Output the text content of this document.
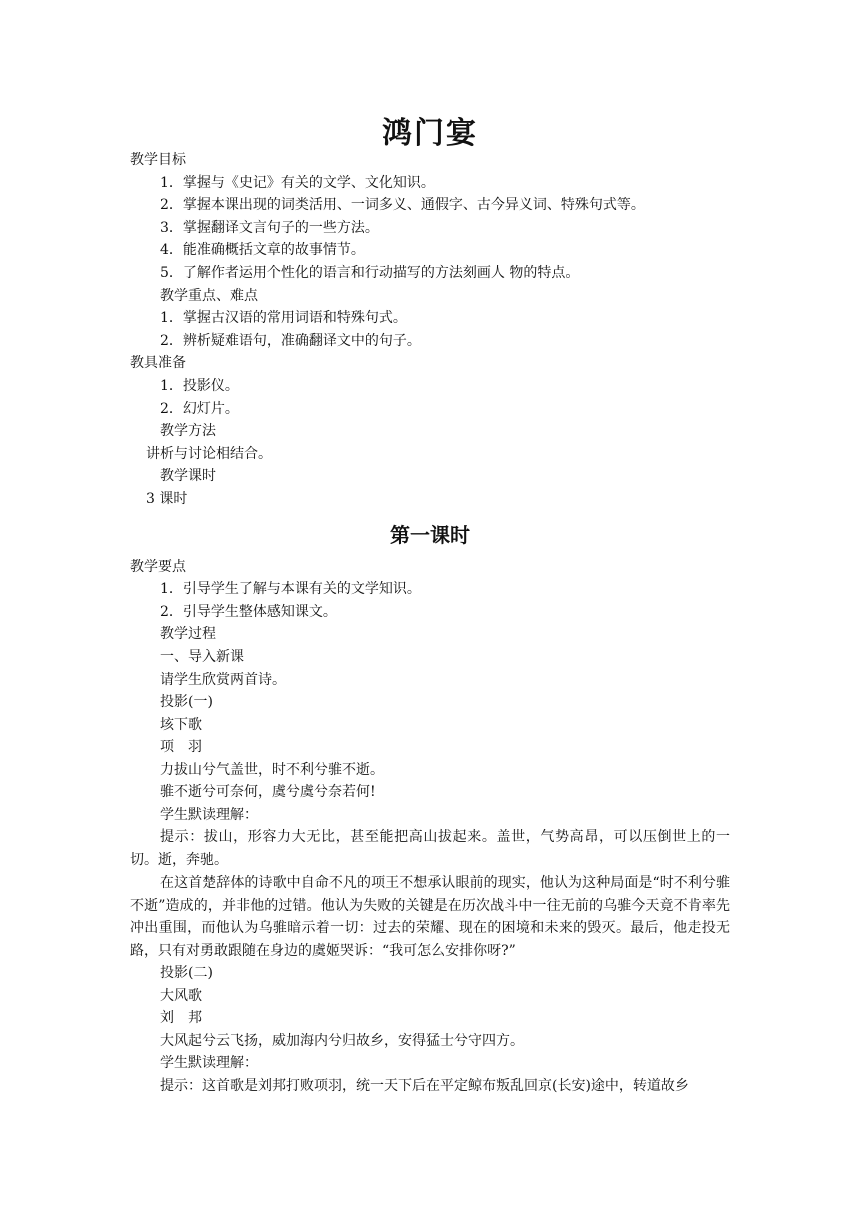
鸿门宴
教学目标
1．掌握与《史记》有关的文学、文化知识。
2．掌握本课出现的词类活用、一词多义、通假字、古今异义词、特殊句式等。
3．掌握翻译文言句子的一些方法。
4．能准确概括文章的故事情节。
5．了解作者运用个性化的语言和行动描写的方法刻画人 物的特点。
教学重点、难点
1．掌握古汉语的常用词语和特殊句式。
2．辨析疑难语句，准确翻译文中的句子。
教具准备
1．投影仪。
2．幻灯片。
教学方法
讲析与讨论相结合。
教学课时
3 课时
第一课时
教学要点
1．引导学生了解与本课有关的文学知识。
2．引导学生整体感知课文。
教学过程
一、导入新课
请学生欣赏两首诗。
投影(一)
垓下歌
项　羽
力拔山兮气盖世，时不利兮骓不逝。
骓不逝兮可奈何，虞兮虞兮奈若何!
学生默读理解：
提示：拔山，形容力大无比，甚至能把高山拔起来。盖世，气势高昂，可以压倒世上的一切。逝，奔驰。
在这首楚辞体的诗歌中自命不凡的项王不想承认眼前的现实，他认为这种局面是“时不利兮骓不逝”造成的，并非他的过错。他认为失败的关键是在历次战斗中一往无前的乌骓今天竟不肯率先冲出重围，而他认为乌骓暗示着一切：过去的荣耀、现在的困境和未来的毁灭。最后，他走投无路，只有对勇敢跟随在身边的虞姬哭诉：“我可怎么安排你呀?”
投影(二)
大风歌
刘　邦
大风起兮云飞扬，威加海内兮归故乡，安得猛士兮守四方。
学生默读理解：
提示：这首歌是刘邦打败项羽，统一天下后在平定鲸布叛乱回京(长安)途中，转道故乡
